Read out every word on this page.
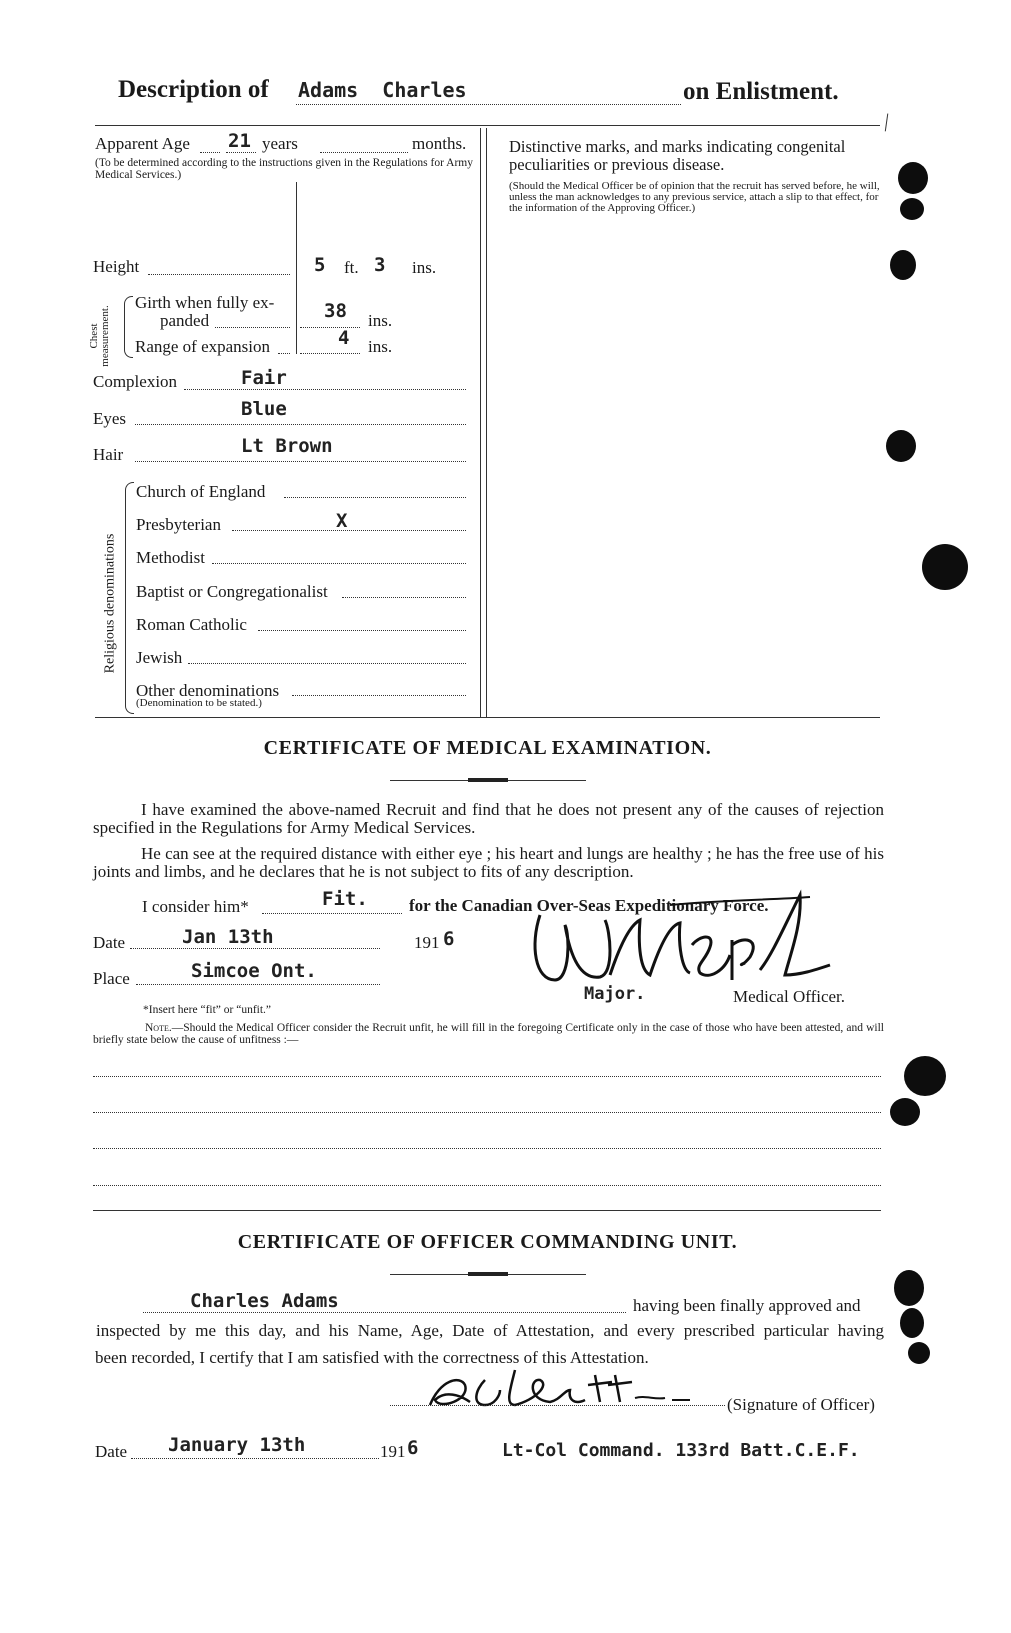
Description of Adams  Charles	on Enlistment.
Apparent Age 21 years	months.
(To be determined according to the instructions given in the Regulations for Army Medical Services.)
Height	5 ft. 3 ins.
Chest measurement.
Girth when fully ex-
panded	38 ins.
Range of expansion	4 ins.
Complexion	Fair
Eyes	Blue
Hair	Lt Brown
Religious denominations
Church of England
Presbyterian	X
Methodist
Baptist or Congregationalist
Roman Catholic
Jewish
Other denominations
(Denomination to be stated.)
Distinctive marks, and marks indicating congenital peculiarities or previous disease.
(Should the Medical Officer be of opinion that the recruit has served before, he will, unless the man acknowledges to any previous service, attach a slip to that effect, for the information of the Approving Officer.)
CERTIFICATE OF MEDICAL EXAMINATION.
I have examined the above-named Recruit and find that he does not present any of the causes of rejection specified in the Regulations for Army Medical Services.
He can see at the required distance with either eye ; his heart and lungs are healthy ; he has the free use of his joints and limbs, and he declares that he is not subject to fits of any description.
I consider him*	Fit. for the Canadian Over-Seas Expeditionary Force.
Date	Jan 13th	191 6
Place	Simcoe Ont.
Major.	Medical Officer.
*Insert here “fit” or “unfit.”
Note.—Should the Medical Officer consider the Recruit unfit, he will fill in the foregoing Certificate only in the case of those who have been attested, and will briefly state below the cause of unfitness :—
CERTIFICATE OF OFFICER COMMANDING UNIT.
Charles Adams	having been finally approved and
inspected by me this day, and his Name, Age, Date of Attestation, and every prescribed particular having
been recorded, I certify that I am satisfied with the correctness of this Attestation.
(Signature of Officer)
Date January 13th	191 6	Lt-Col Command. 133rd Batt.C.E.F.
